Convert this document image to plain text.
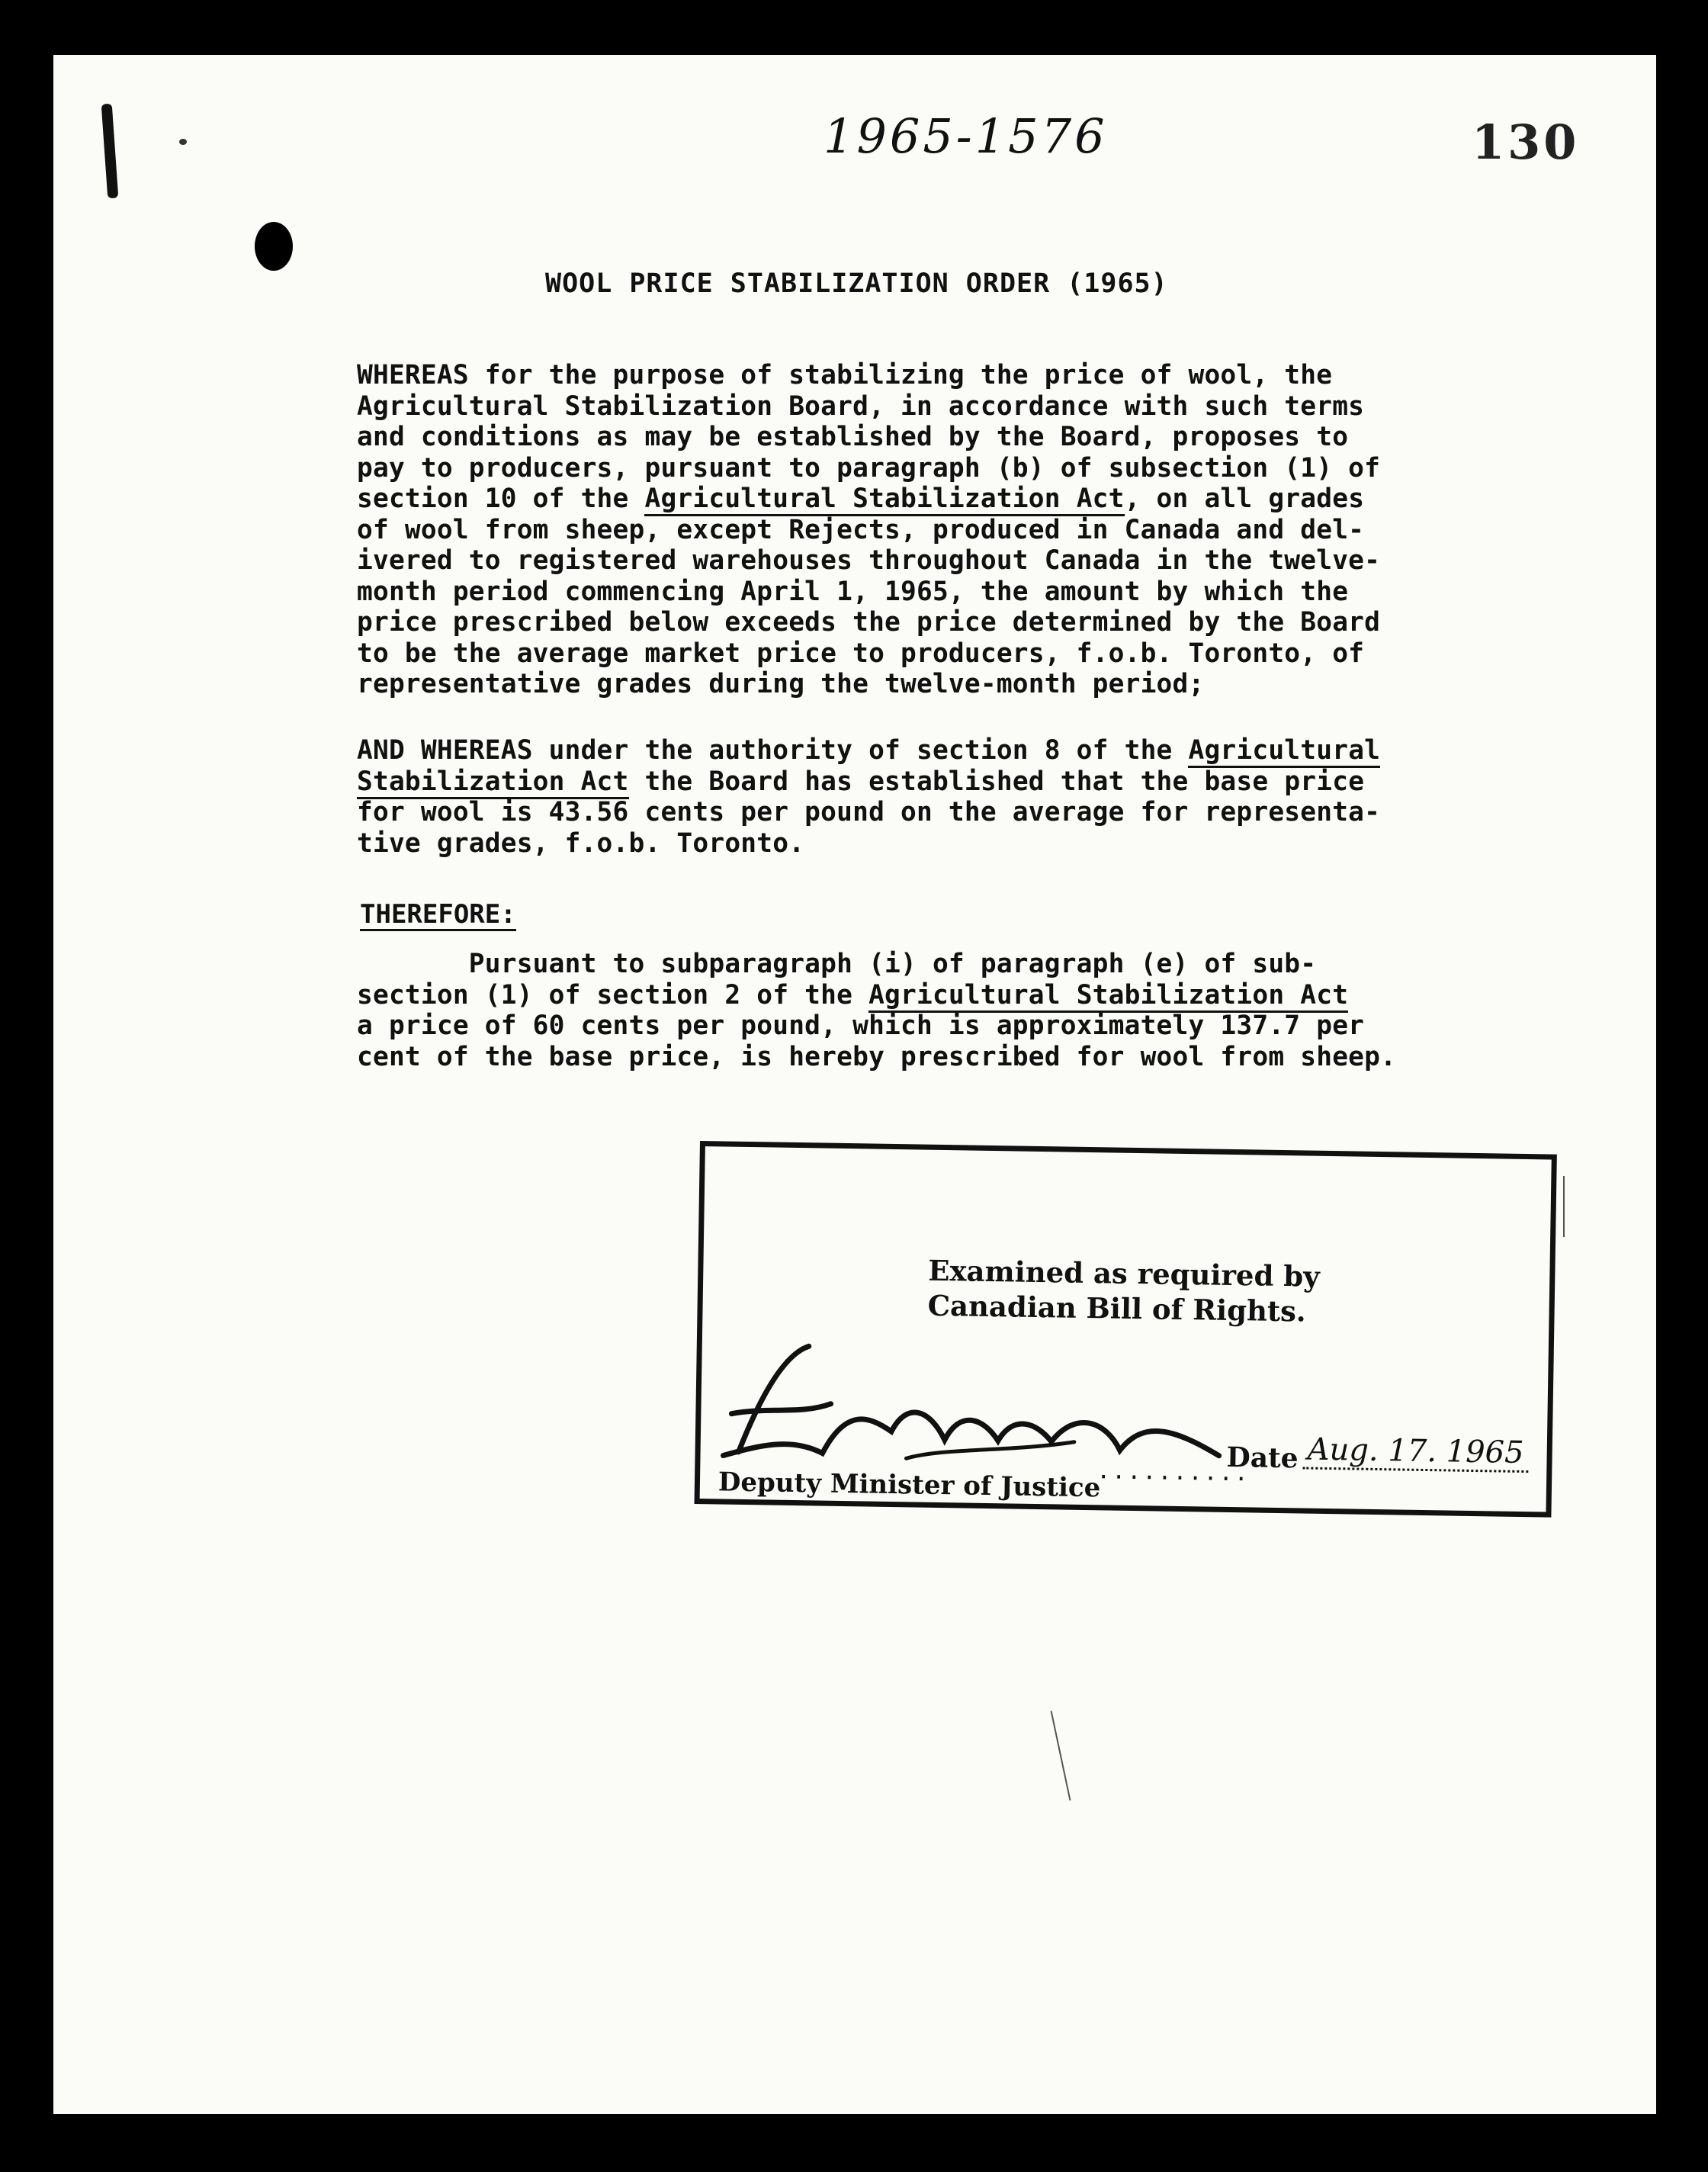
1965-1576	130
WOOL PRICE STABILIZATION ORDER (1965)
WHEREAS for the purpose of stabilizing the price of wool, the
Agricultural Stabilization Board, in accordance with such terms
and conditions as may be established by the Board, proposes to
pay to producers, pursuant to paragraph (b) of subsection (1) of
section 10 of the Agricultural Stabilization Act, on all grades
of wool from sheep, except Rejects, produced in Canada and del-
ivered to registered warehouses throughout Canada in the twelve-
month period commencing April 1, 1965, the amount by which the
price prescribed below exceeds the price determined by the Board
to be the average market price to producers, f.o.b. Toronto, of
representative grades during the twelve-month period;
AND WHEREAS under the authority of section 8 of the Agricultural
Stabilization Act the Board has established that the base price
for wool is 43.56 cents per pound on the average for representa-
tive grades, f.o.b. Toronto.
THEREFORE:
Pursuant to subparagraph (i) of paragraph (e) of sub-
section (1) of section 2 of the Agricultural Stabilization Act
a price of 60 cents per pound, which is approximately 137.7 per
cent of the base price, is hereby prescribed for wool from sheep.
Examined as required by
Canadian Bill of Rights.
..........
Deputy Minister of Justice
Date Aug. 17. 1965
